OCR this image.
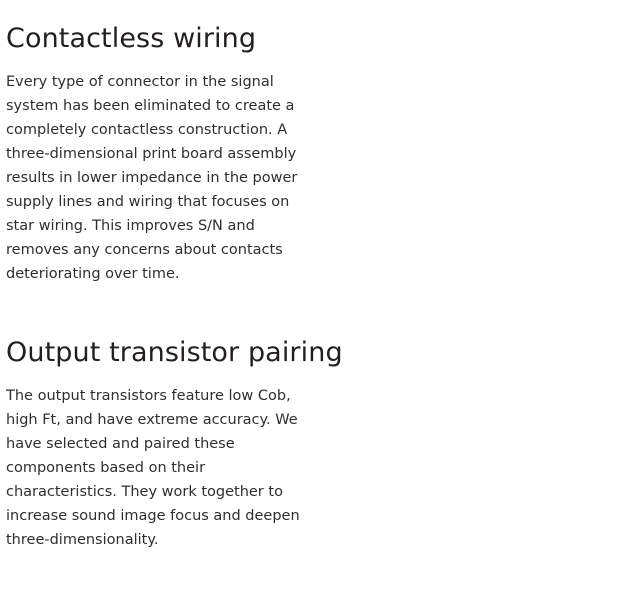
Contactless wiring

Every type of connector in the signal system has been eliminated to create a completely contactless construction. A three-dimensional print board assembly results in lower impedance in the power supply lines and wiring that focuses on star wiring. This improves S/N and removes any concerns about contacts deteriorating over time.

Output transistor pairing

The output transistors feature low Cob, high Ft, and have extreme accuracy. We have selected and paired these components based on their characteristics. They work together to increase sound image focus and deepen three-dimensionality.
